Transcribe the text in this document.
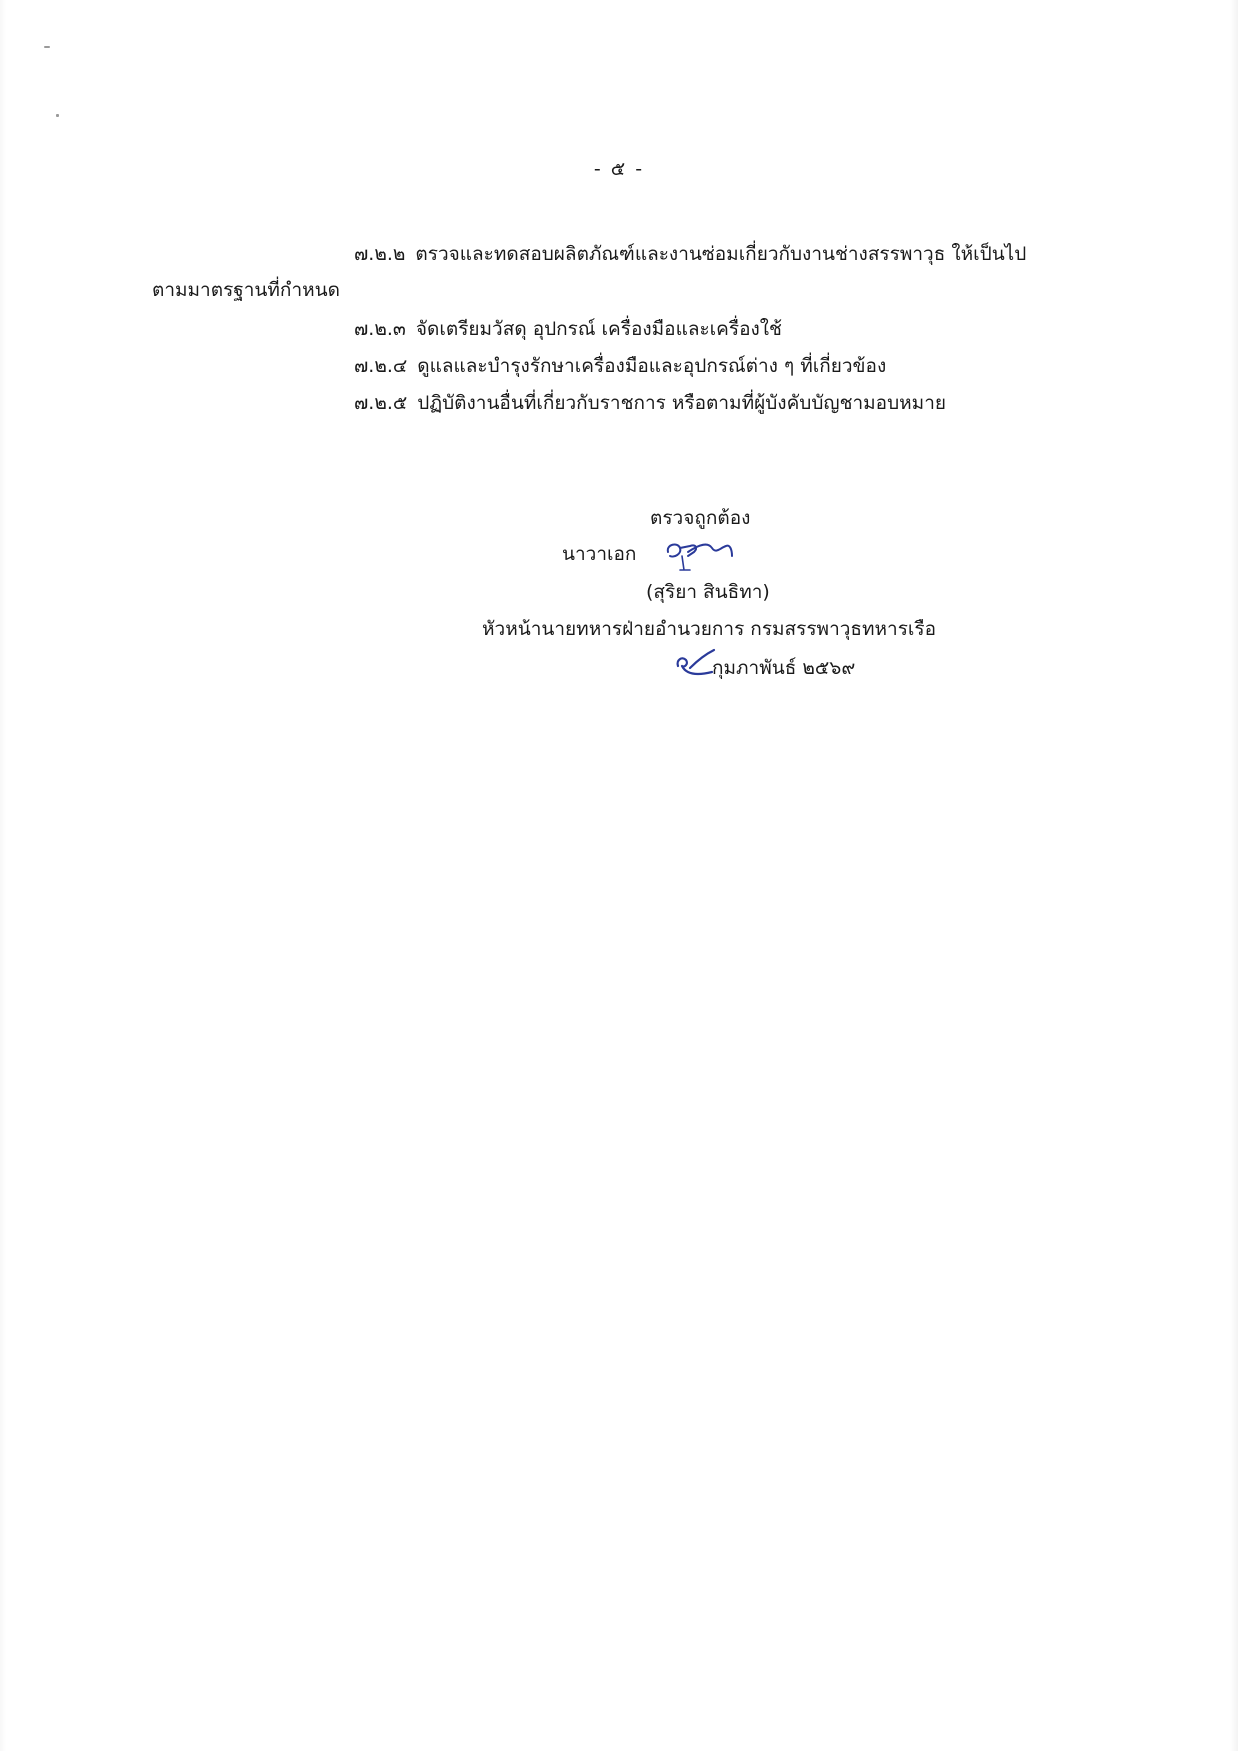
- ๕ -
๗.๒.๒ ตรวจและทดสอบผลิตภัณฑ์และงานซ่อมเกี่ยวกับงานช่างสรรพาวุธ ให้เป็นไป
ตามมาตรฐานที่กำหนด
๗.๒.๓ จัดเตรียมวัสดุ อุปกรณ์ เครื่องมือและเครื่องใช้
๗.๒.๔ ดูแลและบำรุงรักษาเครื่องมือและอุปกรณ์ต่าง ๆ ที่เกี่ยวข้อง
๗.๒.๕ ปฏิบัติงานอื่นที่เกี่ยวกับราชการ หรือตามที่ผู้บังคับบัญชามอบหมาย
ตรวจถูกต้อง
นาวาเอก
(สุริยา สินธิทา)
หัวหน้านายทหารฝ่ายอำนวยการ กรมสรรพาวุธทหารเรือ
กุมภาพันธ์ ๒๕๖๙
